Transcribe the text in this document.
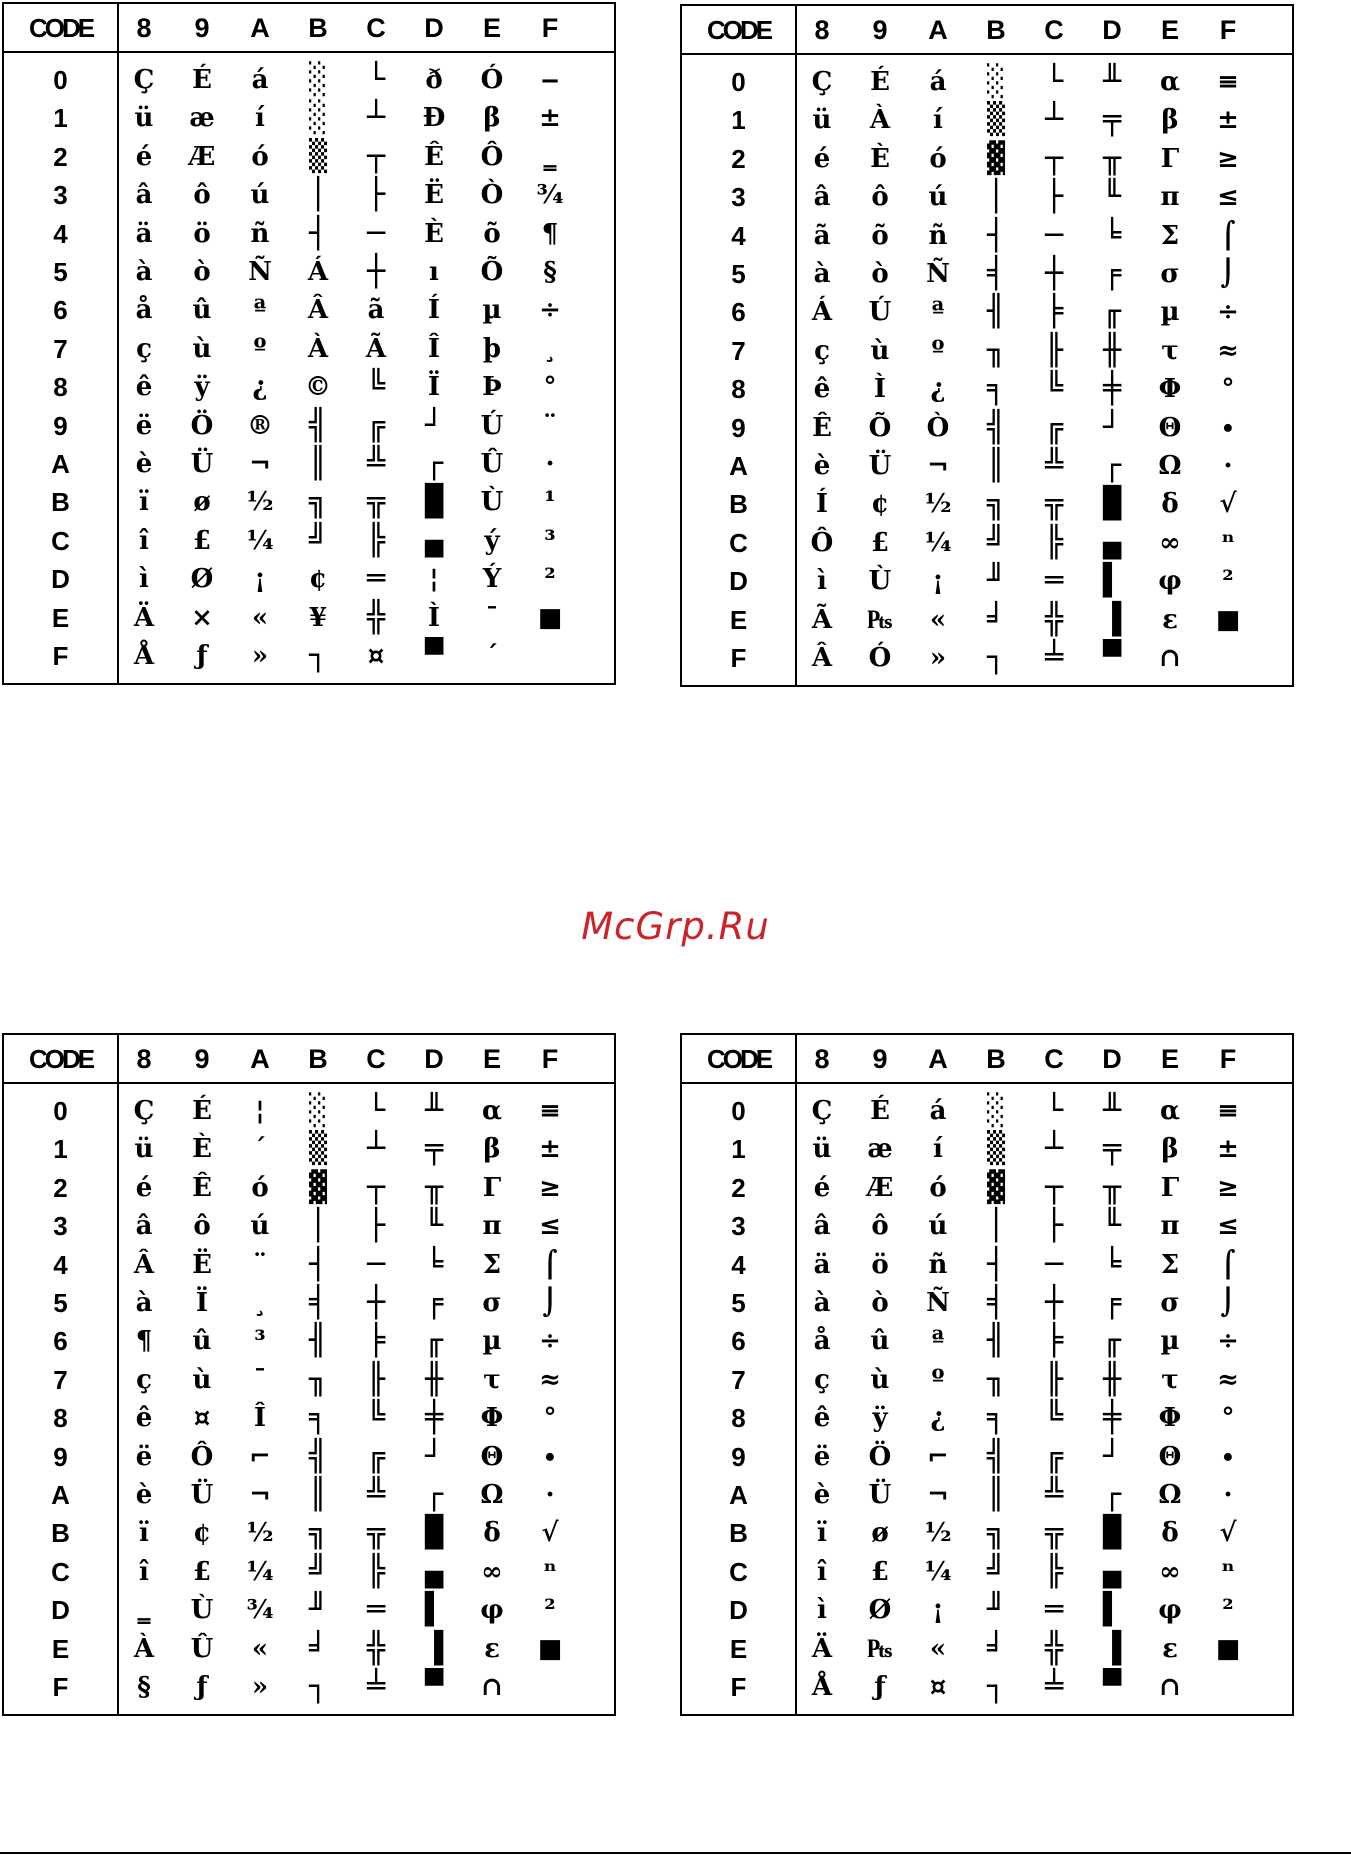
CODE	8	9	A	B	C	D	E	F
0	Ç	É	á	░	└	ð	Ó	‒
1	ü	æ	í	░	┴	Ð	β	±
2	é	Æ	ó	▒	┬	Ê	Ô	‗
3	â	ô	ú	│	├	Ë	Ò	¾
4	ä	ö	ñ	┤	─	È	õ	¶
5	à	ò	Ñ	Á	┼	ı	Õ	§
6	å	û	ª	Â	ã	Í	µ	÷
7	ç	ù	º	À	Ã	Î	þ	¸
8	ê	ÿ	¿	©	╚	Ï	Þ	°
9	ë	Ö	®	╣	╔	┘	Ú	¨
A	è	Ü	¬	║	╩	┌	Û	·
B	ï	ø	½	╗	╦	█	Ù	¹
C	î	£	¼	╝	╠	▄	ý	³
D	ì	Ø	¡	¢	═	¦	Ý	²
E	Ä	×	«	¥	╬	Ì	¯	■
F	Å	ƒ	»	┐	¤	▀	´
CODE	8	9	A	B	C	D	E	F
0	Ç	É	á	░	└	╨	α	≡
1	ü	À	í	▒	┴	╤	β	±
2	é	È	ó	▓	┬	╥	Γ	≥
3	â	ô	ú	│	├	╙	π	≤
4	ã	õ	ñ	┤	─	╘	Σ	⌠
5	à	ò	Ñ	╡	┼	╒	σ	⌡
6	Á	Ú	ª	╢	╞	╓	µ	÷
7	ç	ù	º	╖	╟	╫	τ	≈
8	ê	Ì	¿	╕	╚	╪	Φ	°
9	Ê	Õ	Ò	╣	╔	┘	Θ	∙
A	è	Ü	¬	║	╩	┌	Ω	·
B	Í	¢	½	╗	╦	█	δ	√
C	Ô	£	¼	╝	╠	▄	∞	ⁿ
D	ì	Ù	¡	╜	═	▌	φ	²
E	Ã	₧	«	╛	╬	▐	ε	■
F	Â	Ó	»	┐	╧	▀	∩
CODE	8	9	A	B	C	D	E	F
0	Ç	É	¦	░	└	╨	α	≡
1	ü	È	´	▒	┴	╤	β	±
2	é	Ê	ó	▓	┬	╥	Γ	≥
3	â	ô	ú	│	├	╙	π	≤
4	Â	Ë	¨	┤	─	╘	Σ	⌠
5	à	Ï	¸	╡	┼	╒	σ	⌡
6	¶	û	³	╢	╞	╓	µ	÷
7	ç	ù	¯	╖	╟	╫	τ	≈
8	ê	¤	Î	╕	╚	╪	Φ	°
9	ë	Ô	⌐	╣	╔	┘	Θ	∙
A	è	Ü	¬	║	╩	┌	Ω	·
B	ï	¢	½	╗	╦	█	δ	√
C	î	£	¼	╝	╠	▄	∞	ⁿ
D	‗	Ù	¾	╜	═	▌	φ	²
E	À	Û	«	╛	╬	▐	ε	■
F	§	ƒ	»	┐	╧	▀	∩
CODE	8	9	A	B	C	D	E	F
0	Ç	É	á	░	└	╨	α	≡
1	ü	æ	í	▒	┴	╤	β	±
2	é	Æ	ó	▓	┬	╥	Γ	≥
3	â	ô	ú	│	├	╙	π	≤
4	ä	ö	ñ	┤	─	╘	Σ	⌠
5	à	ò	Ñ	╡	┼	╒	σ	⌡
6	å	û	ª	╢	╞	╓	µ	÷
7	ç	ù	º	╖	╟	╫	τ	≈
8	ê	ÿ	¿	╕	╚	╪	Φ	°
9	ë	Ö	⌐	╣	╔	┘	Θ	∙
A	è	Ü	¬	║	╩	┌	Ω	·
B	ï	ø	½	╗	╦	█	δ	√
C	î	£	¼	╝	╠	▄	∞	ⁿ
D	ì	Ø	¡	╜	═	▌	φ	²
E	Ä	₧	«	╛	╬	▐	ε	■
F	Å	ƒ	¤	┐	╧	▀	∩
McGrp.Ru
